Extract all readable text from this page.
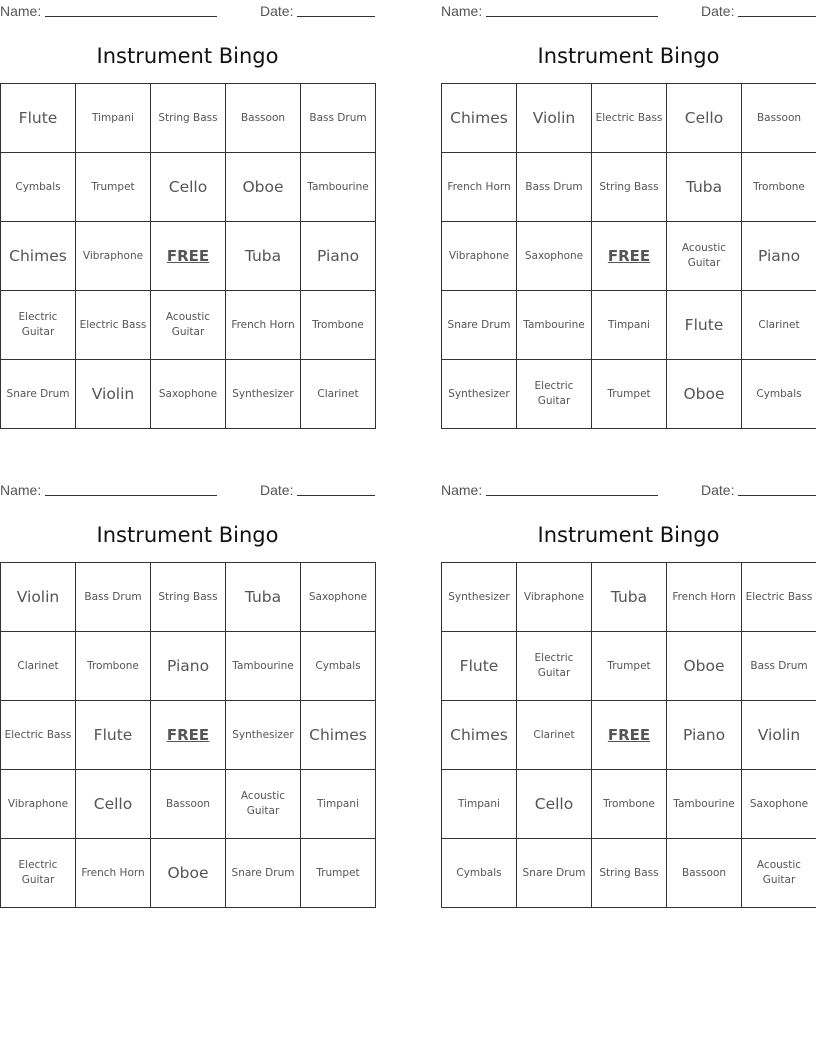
Name:	Date:
Instrument Bingo
Flute	Timpani	String Bass	Bassoon	Bass Drum
Cymbals	Trumpet	Cello	Oboe	Tambourine
Chimes	Vibraphone	FREE	Tuba	Piano
Electric Guitar	Electric Bass	Acoustic Guitar	French Horn	Trombone
Snare Drum	Violin	Saxophone	Synthesizer	Clarinet
Name:	Date:
Instrument Bingo
Chimes	Violin	Electric Bass	Cello	Bassoon
French Horn	Bass Drum	String Bass	Tuba	Trombone
Vibraphone	Saxophone	FREE	Acoustic Guitar	Piano
Snare Drum	Tambourine	Timpani	Flute	Clarinet
Synthesizer	Electric Guitar	Trumpet	Oboe	Cymbals
Name:	Date:
Instrument Bingo
Violin	Bass Drum	String Bass	Tuba	Saxophone
Clarinet	Trombone	Piano	Tambourine	Cymbals
Electric Bass	Flute	FREE	Synthesizer	Chimes
Vibraphone	Cello	Bassoon	Acoustic Guitar	Timpani
Electric Guitar	French Horn	Oboe	Snare Drum	Trumpet
Name:	Date:
Instrument Bingo
Synthesizer	Vibraphone	Tuba	French Horn	Electric Bass
Flute	Electric Guitar	Trumpet	Oboe	Bass Drum
Chimes	Clarinet	FREE	Piano	Violin
Timpani	Cello	Trombone	Tambourine	Saxophone
Cymbals	Snare Drum	String Bass	Bassoon	Acoustic Guitar
